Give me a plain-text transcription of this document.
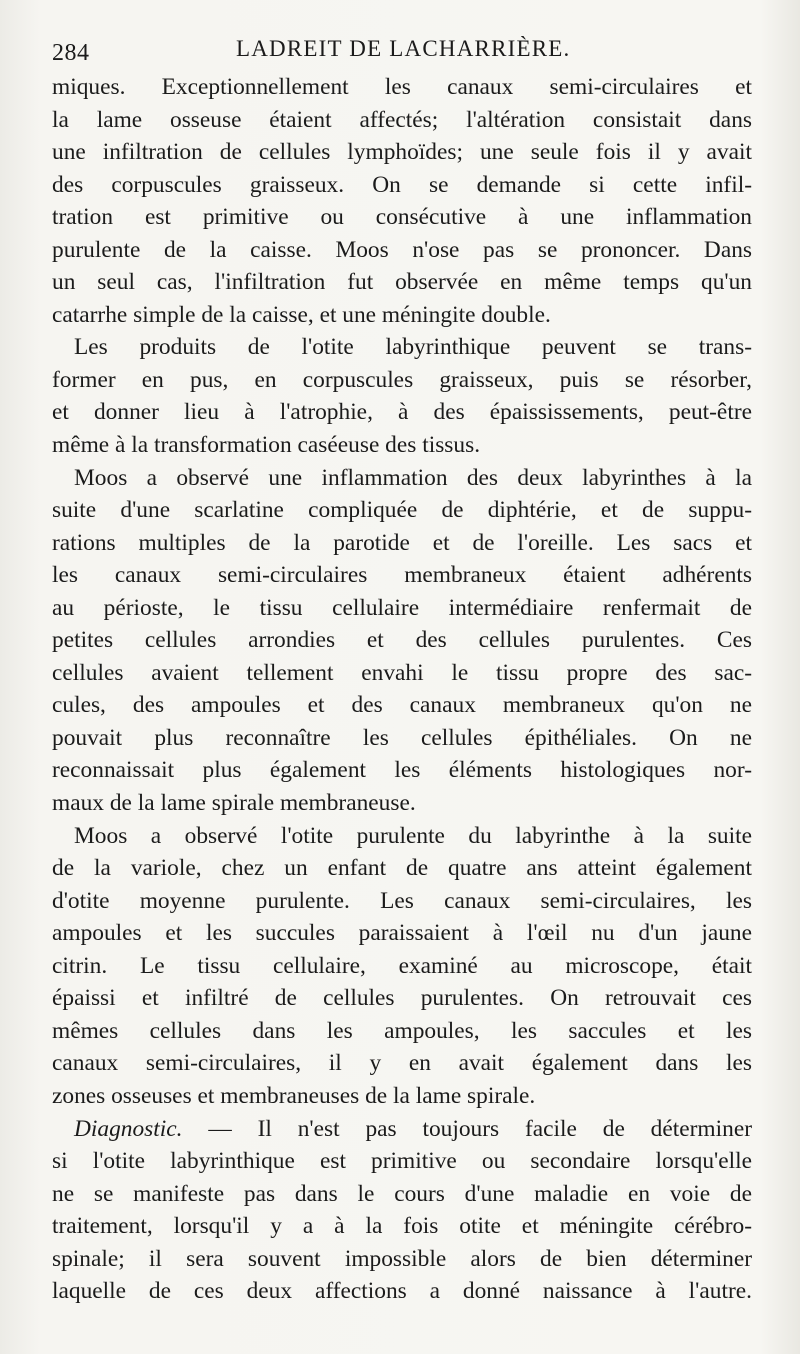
284	LADREIT DE LACHARRIÈRE.
miques. Exceptionnellement les canaux semi-circulaires et
la lame osseuse étaient affectés; l'altération consistait dans
une infiltration de cellules lymphoïdes; une seule fois il y avait
des corpuscules graisseux. On se demande si cette infil-
tration est primitive ou consécutive à une inflammation
purulente de la caisse. Moos n'ose pas se prononcer. Dans
un seul cas, l'infiltration fut observée en même temps qu'un
catarrhe simple de la caisse, et une méningite double.
Les produits de l'otite labyrinthique peuvent se trans-
former en pus, en corpuscules graisseux, puis se résorber,
et donner lieu à l'atrophie, à des épaississements, peut-être
même à la transformation caséeuse des tissus.
Moos a observé une inflammation des deux labyrinthes à la
suite d'une scarlatine compliquée de diphtérie, et de suppu-
rations multiples de la parotide et de l'oreille. Les sacs et
les canaux semi-circulaires membraneux étaient adhérents
au périoste, le tissu cellulaire intermédiaire renfermait de
petites cellules arrondies et des cellules purulentes. Ces
cellules avaient tellement envahi le tissu propre des sac-
cules, des ampoules et des canaux membraneux qu'on ne
pouvait plus reconnaître les cellules épithéliales. On ne
reconnaissait plus également les éléments histologiques nor-
maux de la lame spirale membraneuse.
Moos a observé l'otite purulente du labyrinthe à la suite
de la variole, chez un enfant de quatre ans atteint également
d'otite moyenne purulente. Les canaux semi-circulaires, les
ampoules et les succules paraissaient à l'œil nu d'un jaune
citrin. Le tissu cellulaire, examiné au microscope, était
épaissi et infiltré de cellules purulentes. On retrouvait ces
mêmes cellules dans les ampoules, les saccules et les
canaux semi-circulaires, il y en avait également dans les
zones osseuses et membraneuses de la lame spirale.
Diagnostic. — Il n'est pas toujours facile de déterminer
si l'otite labyrinthique est primitive ou secondaire lorsqu'elle
ne se manifeste pas dans le cours d'une maladie en voie de
traitement, lorsqu'il y a à la fois otite et méningite cérébro-
spinale; il sera souvent impossible alors de bien déterminer
laquelle de ces deux affections a donné naissance à l'autre.
